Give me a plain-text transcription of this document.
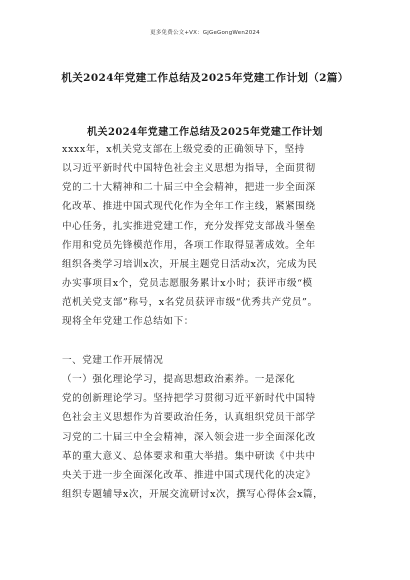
更多免费公文+VX：GjGeGongWen2024
机关2024年党建工作总结及2025年党建工作计划（2篇）
机关2024年党建工作总结及2025年党建工作计划
xxxx年，x机关党支部在上级党委的正确领导下，坚持
以习近平新时代中国特色社会主义思想为指导，全面贯彻
党的二十大精神和二十届三中全会精神，把进一步全面深
化改革、推进中国式现代化作为全年工作主线，紧紧围绕
中心任务，扎实推进党建工作，充分发挥党支部战斗堡垒
作用和党员先锋模范作用，各项工作取得显著成效。全年
组织各类学习培训x次，开展主题党日活动x次，完成为民
办实事项目x个，党员志愿服务累计x小时；获评市级“模
范机关党支部”称号，x名党员获评市级“优秀共产党员”。
现将全年党建工作总结如下：
一、党建工作开展情况
（一）强化理论学习，提高思想政治素养。一是深化
党的创新理论学习。坚持把学习贯彻习近平新时代中国特
色社会主义思想作为首要政治任务，认真组织党员干部学
习党的二十届三中全会精神，深入领会进一步全面深化改
革的重大意义、总体要求和重大举措。集中研读《中共中
央关于进一步全面深化改革、推进中国式现代化的决定》
组织专题辅导x次，开展交流研讨x次，撰写心得体会x篇，
